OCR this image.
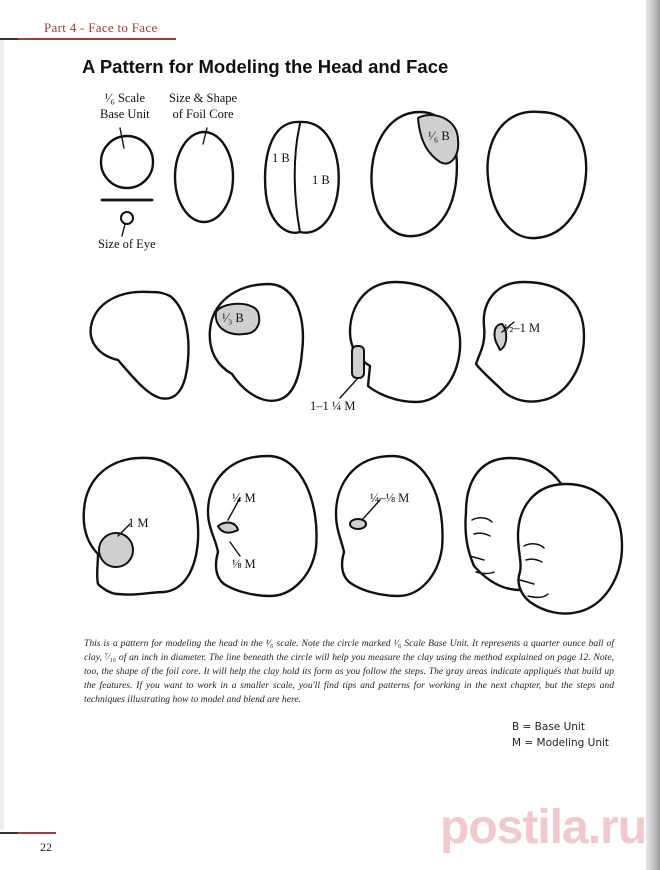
Part 4 - Face to Face
A Pattern for Modeling the Head and Face
¹⁄₆ Scale
Base Unit
Size & Shape
of Foil Core
Size of Eye
1 B
1 B
¹⁄₆ B
¹⁄₃ B
1–1 ¼ M
½–1 M
1 M
¼ M
⅛ M
¼–⅛ M
This is a pattern for modeling the head in the ¹⁄₆ scale. Note the circle marked ¹⁄₆ Scale Base Unit. It represents a quarter ounce ball of clay, ⁷⁄₁₆ of an inch in diameter. The line beneath the circle will help you measure the clay using the method explained on page 12. Note, too, the shape of the foil core. It will help the clay hold its form as you follow the steps. The gray areas indicate appliqués that build up the features. If you want to work in a smaller scale, you'll find tips and patterns for working in the next chapter, but the steps and techniques illustrating how to model and blend are here.
B = Base Unit
M = Modeling Unit
postila.ru
22
